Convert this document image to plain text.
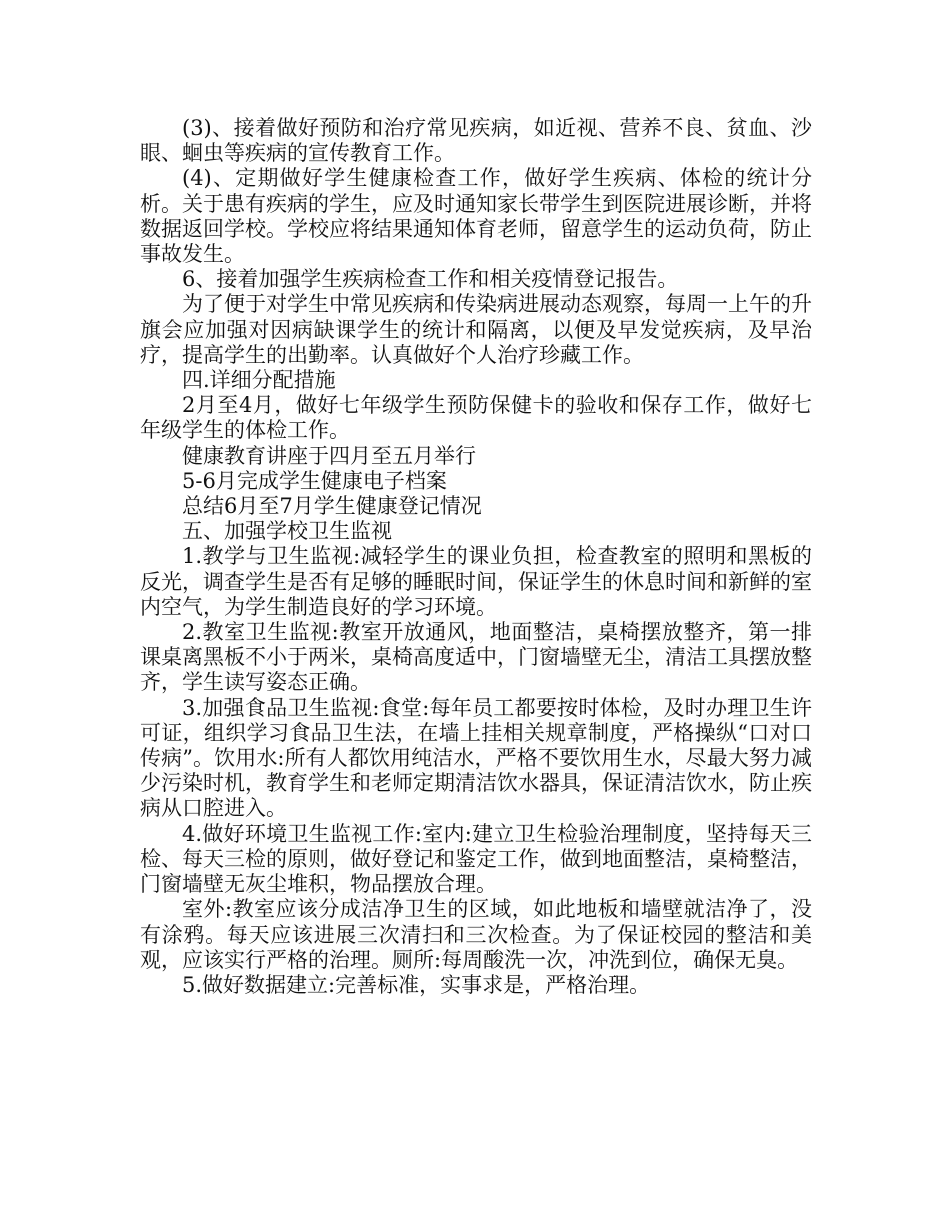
(3)、接着做好预防和治疗常见疾病，如近视、营养不良、贫血、沙眼、蛔虫等疾病的宣传教育工作。

(4)、定期做好学生健康检查工作，做好学生疾病、体检的统计分析。关于患有疾病的学生，应及时通知家长带学生到医院进展诊断，并将数据返回学校。学校应将结果通知体育老师，留意学生的运动负荷，防止事故发生。

6、接着加强学生疾病检查工作和相关疫情登记报告。

为了便于对学生中常见疾病和传染病进展动态观察，每周一上午的升旗会应加强对因病缺课学生的统计和隔离，以便及早发觉疾病，及早治疗，提高学生的出勤率。认真做好个人治疗珍藏工作。

四.详细分配措施

2月至4月，做好七年级学生预防保健卡的验收和保存工作，做好七年级学生的体检工作。

健康教育讲座于四月至五月举行

5-6月完成学生健康电子档案

总结6月至7月学生健康登记情况

五、加强学校卫生监视

1.教学与卫生监视:减轻学生的课业负担，检查教室的照明和黑板的反光，调查学生是否有足够的睡眠时间，保证学生的休息时间和新鲜的室内空气，为学生制造良好的学习环境。

2.教室卫生监视:教室开放通风，地面整洁，桌椅摆放整齐，第一排课桌离黑板不小于两米，桌椅高度适中，门窗墙壁无尘，清洁工具摆放整齐，学生读写姿态正确。

3.加强食品卫生监视:食堂:每年员工都要按时体检，及时办理卫生许可证，组织学习食品卫生法，在墙上挂相关规章制度，严格操纵“口对口传病”。饮用水:所有人都饮用纯洁水，严格不要饮用生水，尽最大努力减少污染时机，教育学生和老师定期清洁饮水器具，保证清洁饮水，防止疾病从口腔进入。

4.做好环境卫生监视工作:室内:建立卫生检验治理制度，坚持每天三检、每天三检的原则，做好登记和鉴定工作，做到地面整洁，桌椅整洁，门窗墙壁无灰尘堆积，物品摆放合理。

室外:教室应该分成洁净卫生的区域，如此地板和墙壁就洁净了，没有涂鸦。每天应该进展三次清扫和三次检查。为了保证校园的整洁和美观，应该实行严格的治理。厕所:每周酸洗一次，冲洗到位，确保无臭。

5.做好数据建立:完善标准，实事求是，严格治理。
